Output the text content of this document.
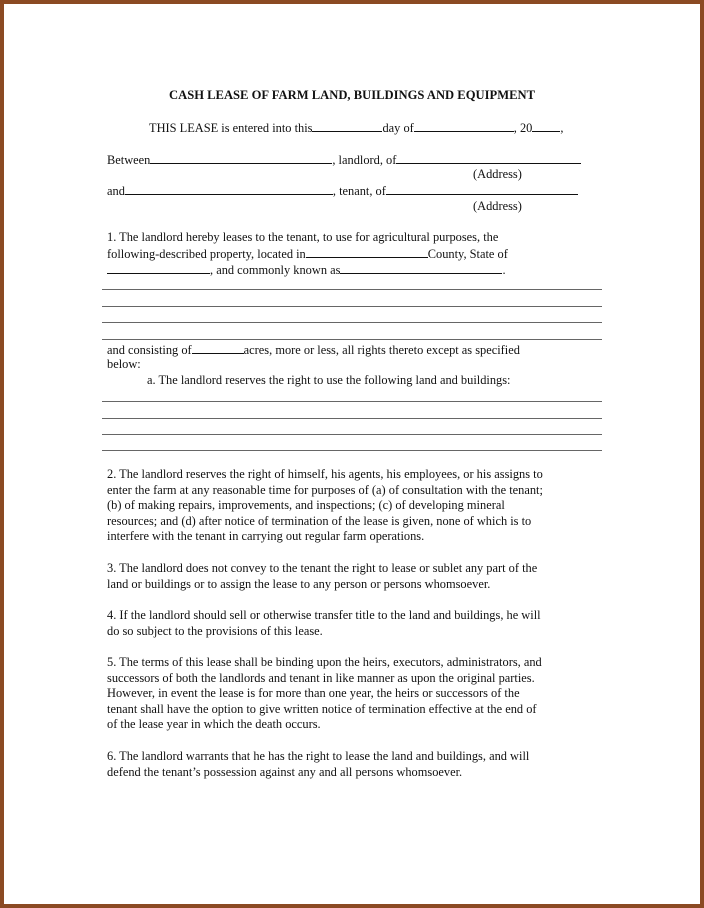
CASH LEASE OF FARM LAND, BUILDINGS AND EQUIPMENT
THIS LEASE is entered into this	day of	, 20 ,
Between	, landlord, of
(Address)
and	, tenant, of
(Address)
1. The landlord hereby leases to the tenant, to use for agricultural purposes, the
following-described property, located in	County, State of
, and commonly known as	.
and consisting of	acres, more or less, all rights thereto except as specified
below:
a. The landlord reserves the right to use the following land and buildings:

2. The landlord reserves the right of himself, his agents, his employees, or his assigns to

enter the farm at any reasonable time for purposes of (a) of consultation with the tenant;

(b) of making repairs, improvements, and inspections; (c) of developing mineral

resources; and (d) after notice of termination of the lease is given, none of which is to

interfere with the tenant in carrying out regular farm operations.

3. The landlord does not convey to the tenant the right to lease or sublet any part of the

land or buildings or to assign the lease to any person or persons whomsoever.

4. If the landlord should sell or otherwise transfer title to the land and buildings, he will

do so subject to the provisions of this lease.

5. The terms of this lease shall be binding upon the heirs, executors, administrators, and

successors of both the landlords and tenant in like manner as upon the original parties.

However, in event the lease is for more than one year, the heirs or successors of the

tenant shall have the option to give written notice of termination effective at the end of

of the lease year in which the death occurs.

6. The landlord warrants that he has the right to lease the land and buildings, and will

defend the tenant’s possession against any and all persons whomsoever.
